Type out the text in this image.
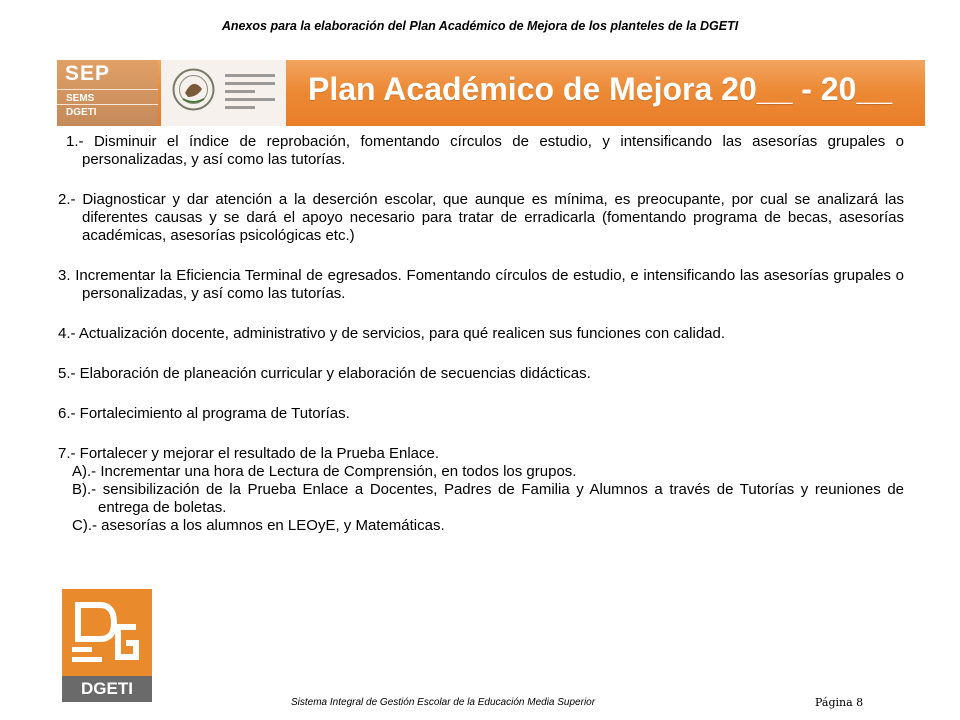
Anexos para la elaboración del Plan Académico de Mejora de los planteles de la DGETI
SEP
SEMS
DGETI
Plan Académico de Mejora 20__ - 20__
1.- Disminuir el índice de reprobación, fomentando círculos de estudio, y intensificando las asesorías grupales o personalizadas, y así como las tutorías.
2.- Diagnosticar y dar atención a la deserción escolar, que aunque es mínima, es preocupante, por cual se analizará las diferentes causas y se dará el apoyo necesario para tratar de erradicarla (fomentando programa de becas, asesorías académicas, asesorías psicológicas etc.)
3. Incrementar la Eficiencia Terminal de egresados. Fomentando círculos de estudio, e intensificando las asesorías grupales o personalizadas, y así como las tutorías.
4.- Actualización docente, administrativo y de servicios, para qué realicen sus funciones con calidad.
5.- Elaboración de planeación curricular y elaboración de secuencias didácticas.
6.- Fortalecimiento al programa de Tutorías.
7.- Fortalecer y mejorar el resultado de la Prueba Enlace.
A).- Incrementar una hora de Lectura de Comprensión, en todos los grupos.
B).- sensibilización de la Prueba Enlace a Docentes, Padres de Familia y Alumnos a través de Tutorías y reuniones de entrega de boletas.
C).- asesorías a los alumnos en LEOyE, y Matemáticas.
DGETI
Sistema Integral de Gestión Escolar de la Educación Media Superior	Página 8
